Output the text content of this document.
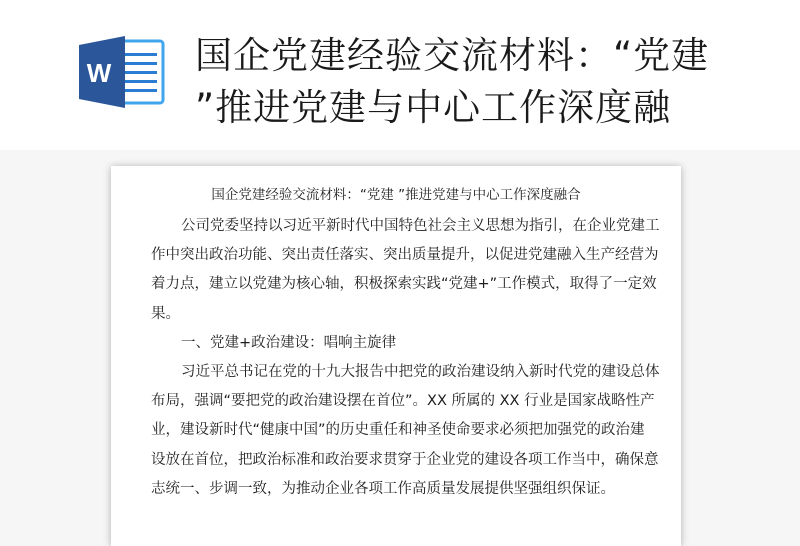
W 国企党建经验交流材料：“党建
”推进党建与中心工作深度融
国企党建经验交流材料：“党建 ”推进党建与中心工作深度融合
公司党委坚持以习近平新时代中国特色社会主义思想为指引，在企业党建工
作中突出政治功能、突出责任落实、突出质量提升，以促进党建融入生产经营为
着力点，建立以党建为核心轴，积极探索实践“党建+”工作模式，取得了一定效
果。
一、党建+政治建设：唱响主旋律
习近平总书记在党的十九大报告中把党的政治建设纳入新时代党的建设总体
布局，强调“要把党的政治建设摆在首位”。XX 所属的 XX 行业是国家战略性产
业，建设新时代“健康中国”的历史重任和神圣使命要求必须把加强党的政治建
设放在首位，把政治标准和政治要求贯穿于企业党的建设各项工作当中，确保意
志统一、步调一致，为推动企业各项工作高质量发展提供坚强组织保证。
